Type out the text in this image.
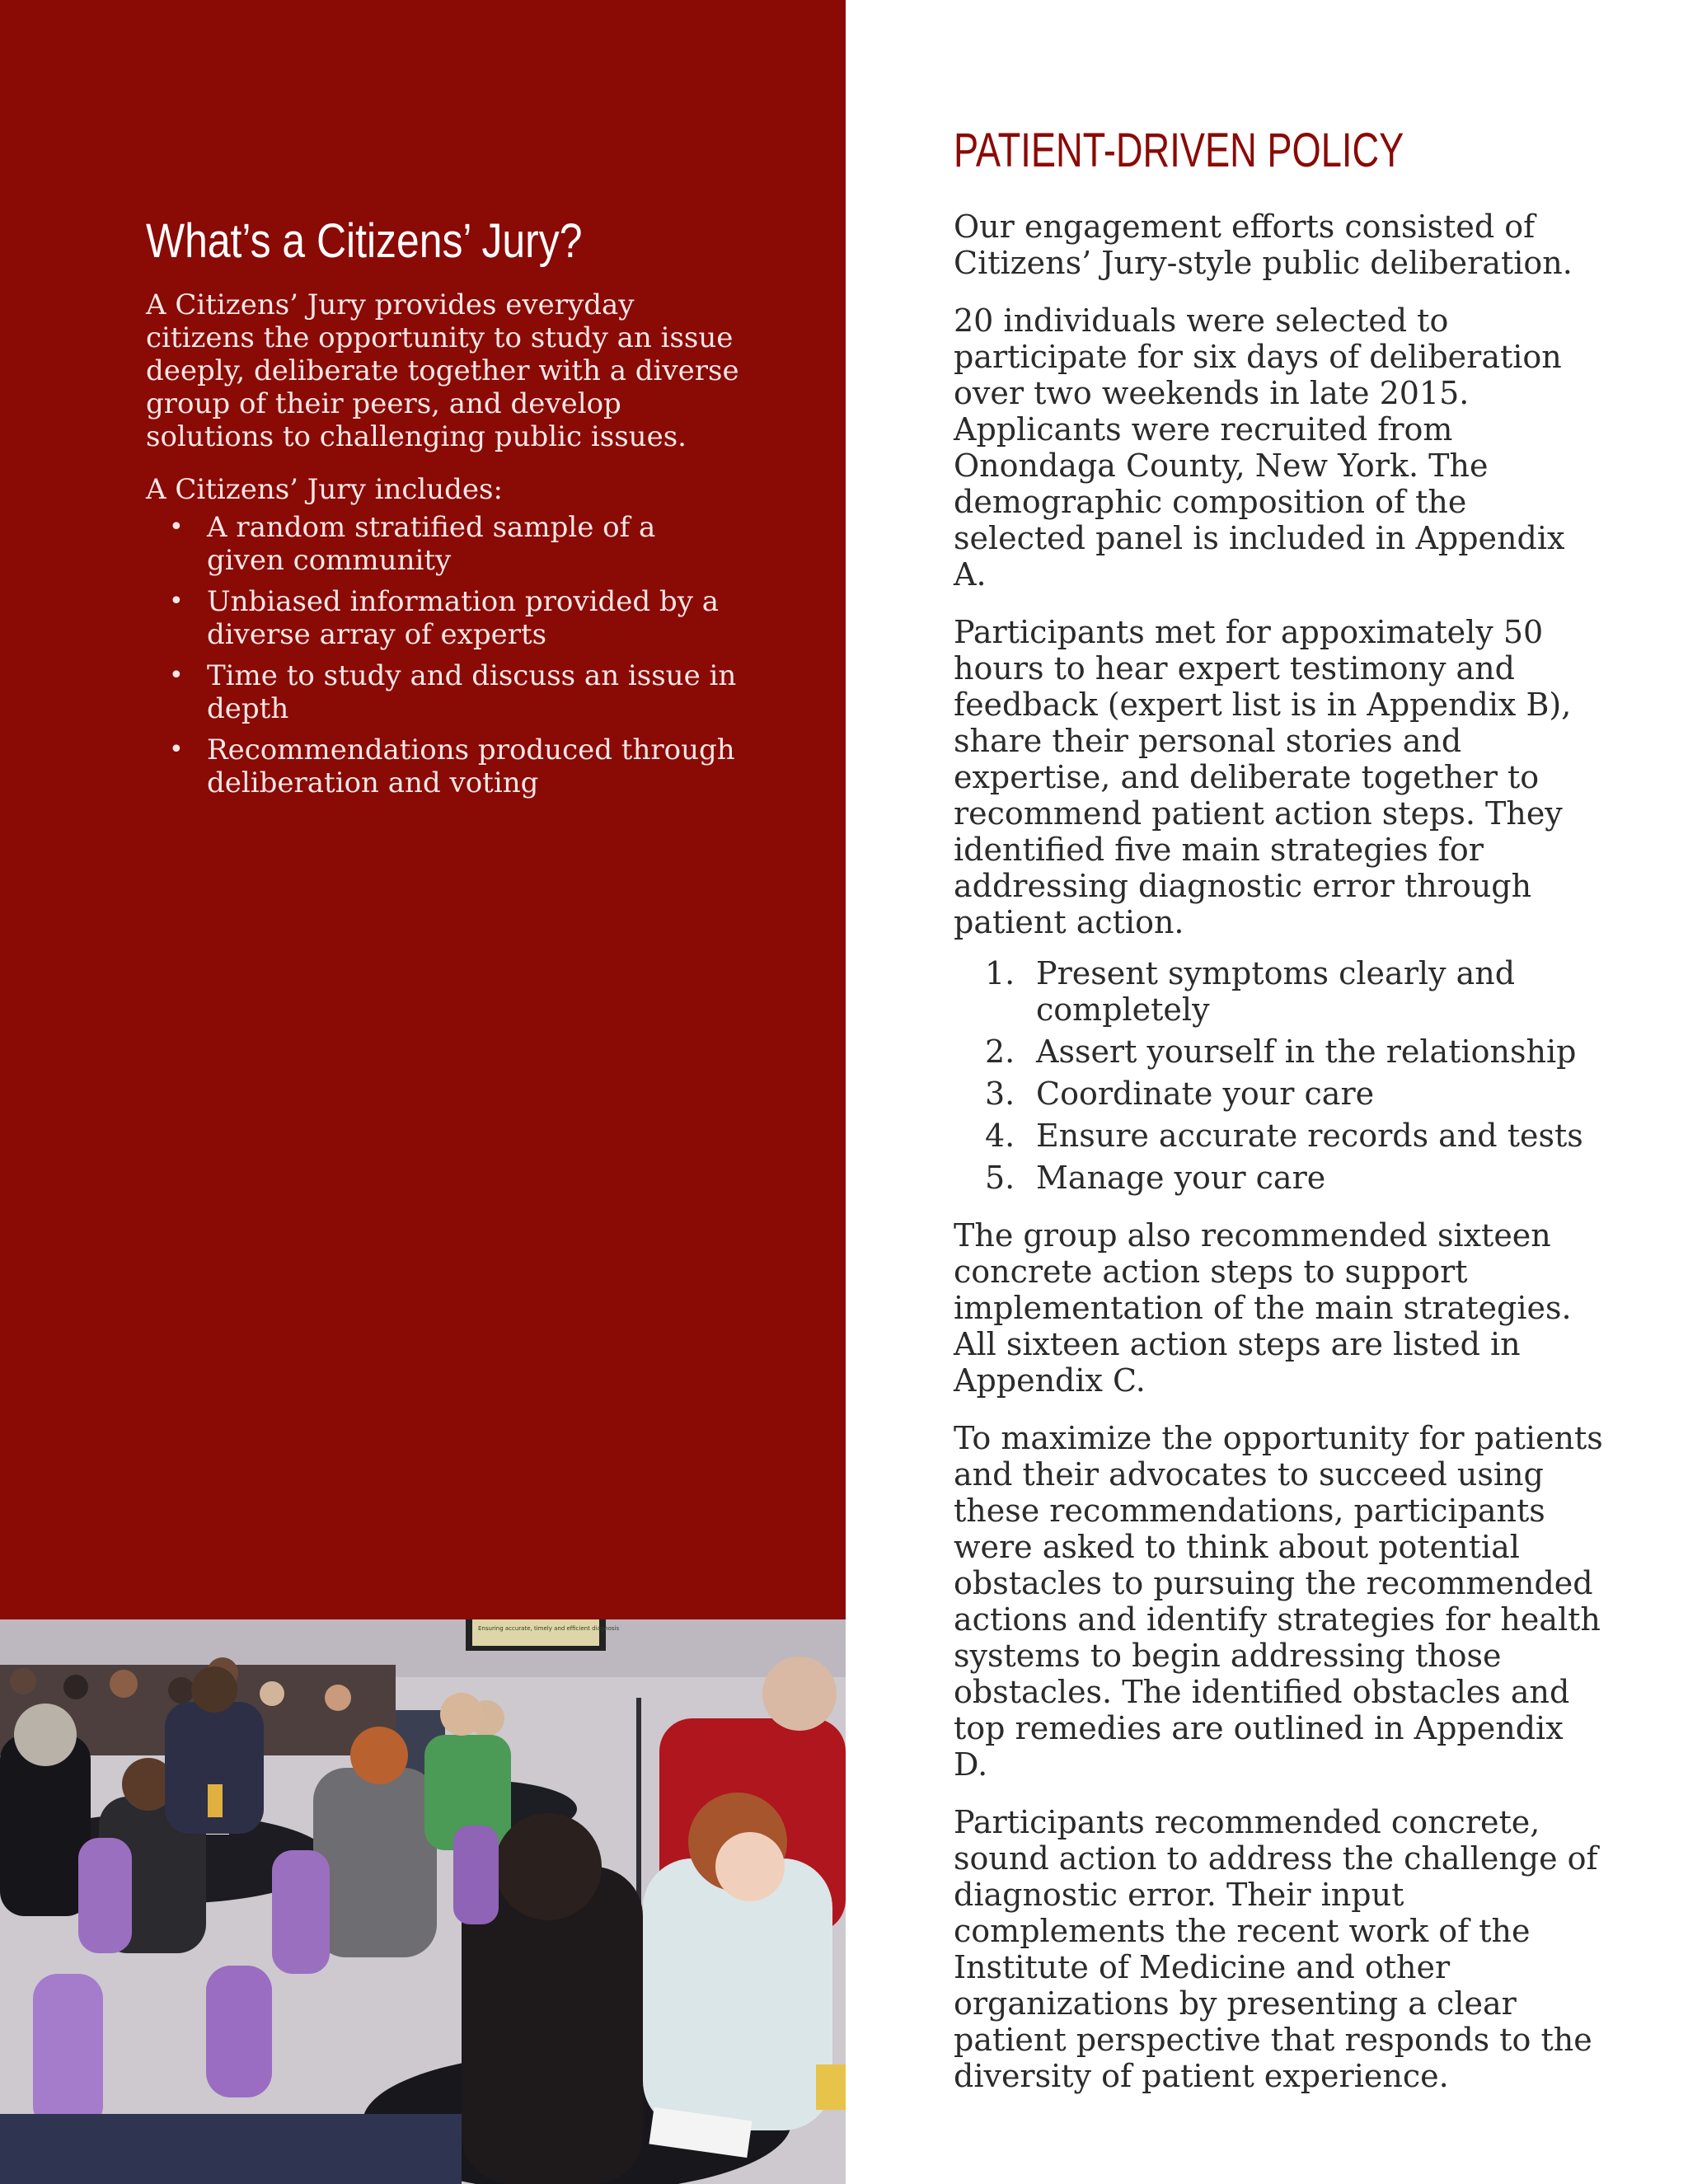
What’s a Citizens’ Jury?

A Citizens’ Jury provides everyday citizens the opportunity to study an issue deeply, deliberate together with a diverse group of their peers, and develop solutions to challenging public issues.

A Citizens’ Jury includes:

• A random stratified sample of a given community
• Unbiased information provided by a diverse array of experts
• Time to study and discuss an issue in depth
• Recommendations produced through deliberation and voting
Ensuring accurate, timely and efficient diagnosis
PATIENT-DRIVEN POLICY

Our engagement efforts consisted of Citizens’ Jury-style public deliberation.

20 individuals were selected to participate for six days of deliberation over two weekends in late 2015. Applicants were recruited from Onondaga County, New York. The demographic composition of the selected panel is included in Appendix A.

Participants met for appoximately 50 hours to hear expert testimony and feedback (expert list is in Appendix B), share their personal stories and expertise, and deliberate together to recommend patient action steps. They identified five main strategies for addressing diagnostic error through patient action.

1. Present symptoms clearly and completely
2. Assert yourself in the relationship
3. Coordinate your care
4. Ensure accurate records and tests
5. Manage your care

The group also recommended sixteen concrete action steps to support implementation of the main strategies. All sixteen action steps are listed in Appendix C.

To maximize the opportunity for patients and their advocates to succeed using these recommendations, participants were asked to think about potential obstacles to pursuing the recommended actions and identify strategies for health systems to begin addressing those obstacles. The identified obstacles and top remedies are outlined in Appendix D.

Participants recommended concrete, sound action to address the challenge of diagnostic error. Their input complements the recent work of the Institute of Medicine and other organizations by presenting a clear patient perspective that responds to the diversity of patient experience.
